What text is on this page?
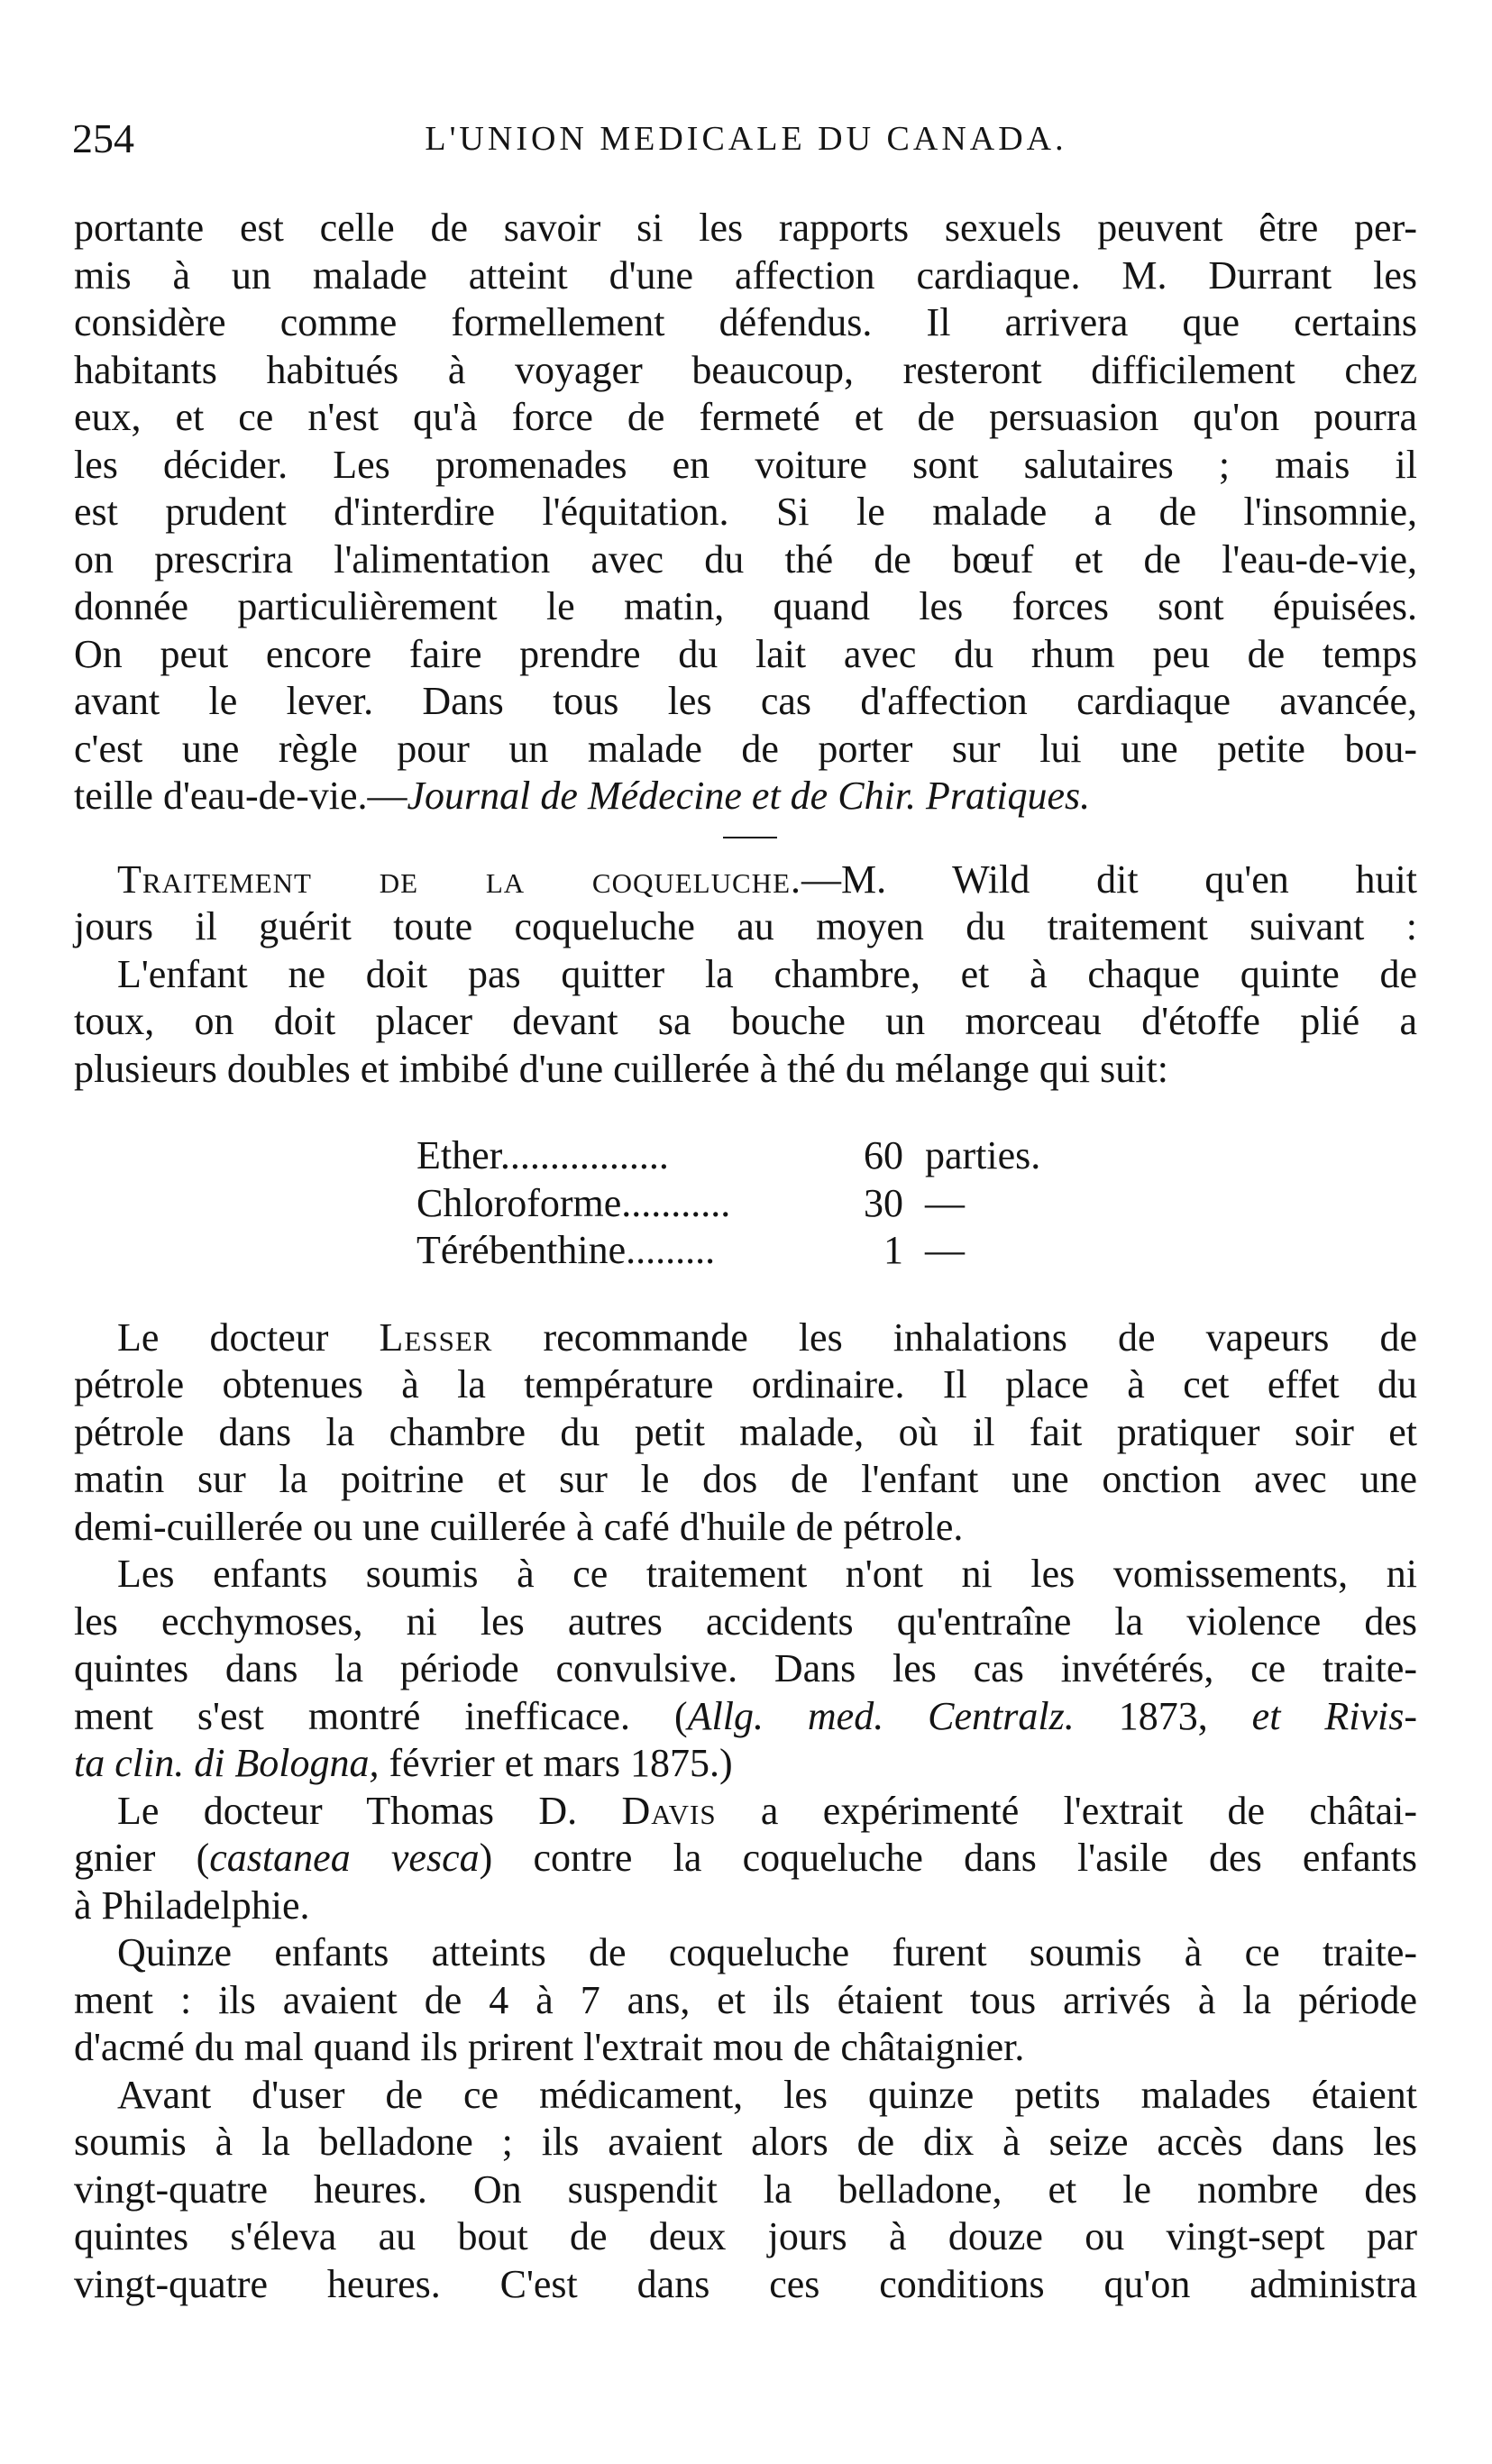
254	L'UNION MEDICALE DU CANADA.
portante est celle de savoir si les rapports sexuels peuvent être per-
mis à un malade atteint d'une affection cardiaque. M. Durrant les
considère comme formellement défendus. Il arrivera que certains
habitants habitués à voyager beaucoup, resteront difficilement chez
eux, et ce n'est qu'à force de fermeté et de persuasion qu'on pourra
les décider. Les promenades en voiture sont salutaires ; mais il
est prudent d'interdire l'équitation. Si le malade a de l'insomnie,
on prescrira l'alimentation avec du thé de bœuf et de l'eau-de-vie,
donnée particulièrement le matin, quand les forces sont épuisées.
On peut encore faire prendre du lait avec du rhum peu de temps
avant le lever. Dans tous les cas d'affection cardiaque avancée,
c'est une règle pour un malade de porter sur lui une petite bou-
teille d'eau-de-vie.—Journal de Médecine et de Chir. Pratiques.
Traitement de la coqueluche.—M. Wild dit qu'en huit
jours il guérit toute coqueluche au moyen du traitement suivant :
L'enfant ne doit pas quitter la chambre, et à chaque quinte de
toux, on doit placer devant sa bouche un morceau d'étoffe plié a
plusieurs doubles et imbibé d'une cuillerée à thé du mélange qui suit:
Ether.................	60 parties.
Chloroforme...........	30 —
Térébenthine.........	1 —
Le docteur Lesser recommande les inhalations de vapeurs de
pétrole obtenues à la température ordinaire. Il place à cet effet du
pétrole dans la chambre du petit malade, où il fait pratiquer soir et
matin sur la poitrine et sur le dos de l'enfant une onction avec une
demi-cuillerée ou une cuillerée à café d'huile de pétrole.
Les enfants soumis à ce traitement n'ont ni les vomissements, ni
les ecchymoses, ni les autres accidents qu'entraîne la violence des
quintes dans la période convulsive. Dans les cas invétérés, ce traite-
ment s'est montré inefficace. (Allg. med. Centralz. 1873, et Rivis-
ta clin. di Bologna, février et mars 1875.)
Le docteur Thomas D. Davis a expérimenté l'extrait de châtai-
gnier (castanea vesca) contre la coqueluche dans l'asile des enfants
à Philadelphie.
Quinze enfants atteints de coqueluche furent soumis à ce traite-
ment : ils avaient de 4 à 7 ans, et ils étaient tous arrivés à la période
d'acmé du mal quand ils prirent l'extrait mou de châtaignier.
Avant d'user de ce médicament, les quinze petits malades étaient
soumis à la belladone ; ils avaient alors de dix à seize accès dans les
vingt-quatre heures. On suspendit la belladone, et le nombre des
quintes s'éleva au bout de deux jours à douze ou vingt-sept par
vingt-quatre heures. C'est dans ces conditions qu'on administra
